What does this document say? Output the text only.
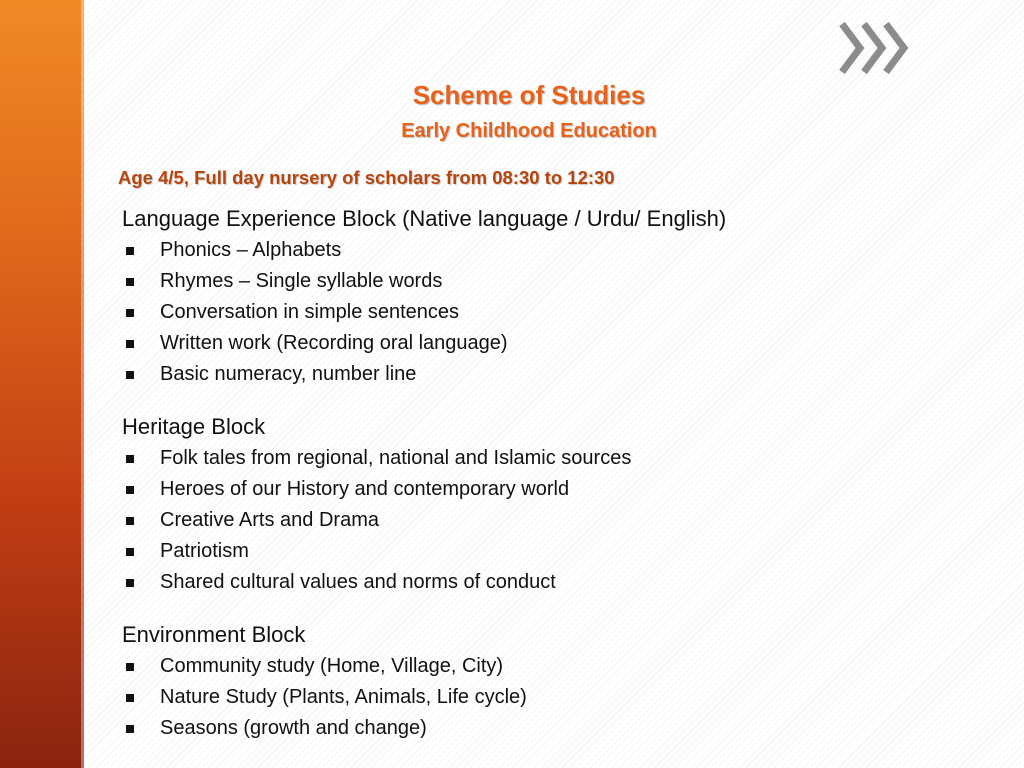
Scheme of Studies
Early Childhood Education

Age 4/5, Full day nursery of scholars from 08:30 to 12:30

Language Experience Block (Native language / Urdu/ English)
Phonics – Alphabets
Rhymes – Single syllable words
Conversation in simple sentences
Written work (Recording oral language)
Basic numeracy, number line
Heritage Block
Folk tales from regional, national and Islamic sources
Heroes of our History and contemporary world
Creative Arts and Drama
Patriotism
Shared cultural values and norms of conduct
Environment Block
Community study (Home, Village, City)
Nature Study (Plants, Animals, Life cycle)
Seasons (growth and change)
